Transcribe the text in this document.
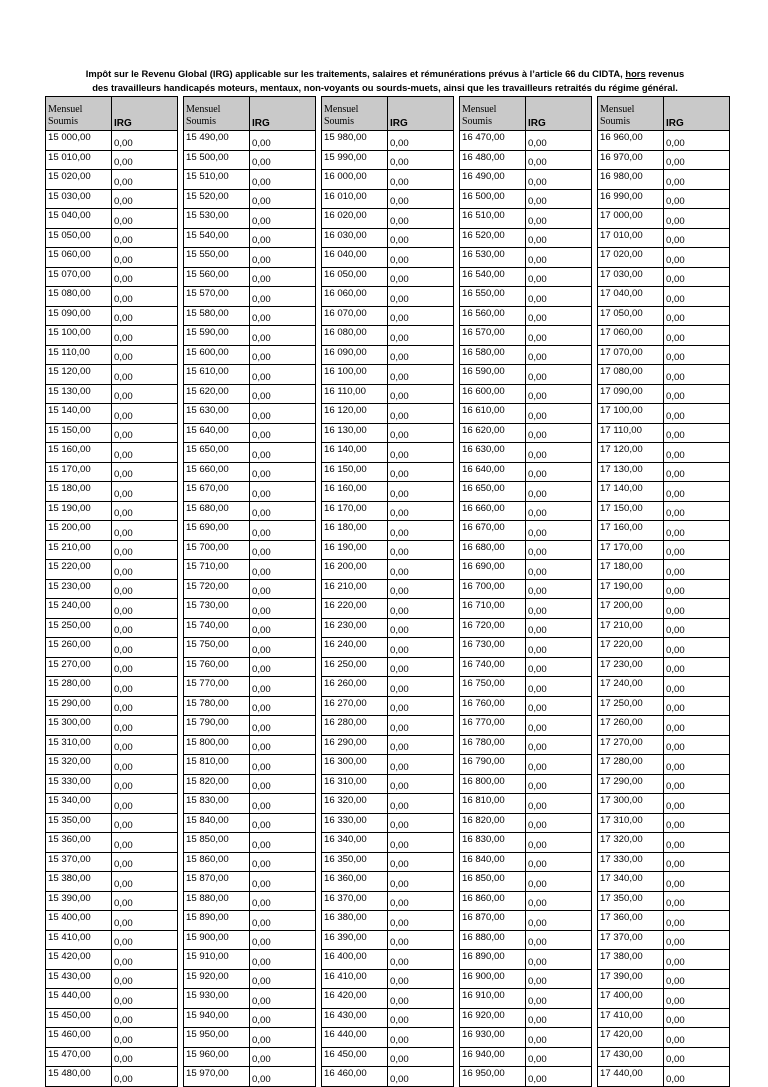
Impôt sur le Revenu Global (IRG) applicable sur les traitements, salaires et rémunérations prévus à l’article 66 du CIDTA, hors revenus
des travailleurs handicapés moteurs, mentaux, non-voyants ou sourds-muets, ainsi que les travailleurs retraités du régime général.
Mensuel
Soumis	IRG
15 000,00	0,00
15 010,00	0,00
15 020,00	0,00
15 030,00	0,00
15 040,00	0,00
15 050,00	0,00
15 060,00	0,00
15 070,00	0,00
15 080,00	0,00
15 090,00	0,00
15 100,00	0,00
15 110,00	0,00
15 120,00	0,00
15 130,00	0,00
15 140,00	0,00
15 150,00	0,00
15 160,00	0,00
15 170,00	0,00
15 180,00	0,00
15 190,00	0,00
15 200,00	0,00
15 210,00	0,00
15 220,00	0,00
15 230,00	0,00
15 240,00	0,00
15 250,00	0,00
15 260,00	0,00
15 270,00	0,00
15 280,00	0,00
15 290,00	0,00
15 300,00	0,00
15 310,00	0,00
15 320,00	0,00
15 330,00	0,00
15 340,00	0,00
15 350,00	0,00
15 360,00	0,00
15 370,00	0,00
15 380,00	0,00
15 390,00	0,00
15 400,00	0,00
15 410,00	0,00
15 420,00	0,00
15 430,00	0,00
15 440,00	0,00
15 450,00	0,00
15 460,00	0,00
15 470,00	0,00
15 480,00	0,00
Mensuel
Soumis	IRG
15 490,00	0,00
15 500,00	0,00
15 510,00	0,00
15 520,00	0,00
15 530,00	0,00
15 540,00	0,00
15 550,00	0,00
15 560,00	0,00
15 570,00	0,00
15 580,00	0,00
15 590,00	0,00
15 600,00	0,00
15 610,00	0,00
15 620,00	0,00
15 630,00	0,00
15 640,00	0,00
15 650,00	0,00
15 660,00	0,00
15 670,00	0,00
15 680,00	0,00
15 690,00	0,00
15 700,00	0,00
15 710,00	0,00
15 720,00	0,00
15 730,00	0,00
15 740,00	0,00
15 750,00	0,00
15 760,00	0,00
15 770,00	0,00
15 780,00	0,00
15 790,00	0,00
15 800,00	0,00
15 810,00	0,00
15 820,00	0,00
15 830,00	0,00
15 840,00	0,00
15 850,00	0,00
15 860,00	0,00
15 870,00	0,00
15 880,00	0,00
15 890,00	0,00
15 900,00	0,00
15 910,00	0,00
15 920,00	0,00
15 930,00	0,00
15 940,00	0,00
15 950,00	0,00
15 960,00	0,00
15 970,00	0,00
Mensuel
Soumis	IRG
15 980,00	0,00
15 990,00	0,00
16 000,00	0,00
16 010,00	0,00
16 020,00	0,00
16 030,00	0,00
16 040,00	0,00
16 050,00	0,00
16 060,00	0,00
16 070,00	0,00
16 080,00	0,00
16 090,00	0,00
16 100,00	0,00
16 110,00	0,00
16 120,00	0,00
16 130,00	0,00
16 140,00	0,00
16 150,00	0,00
16 160,00	0,00
16 170,00	0,00
16 180,00	0,00
16 190,00	0,00
16 200,00	0,00
16 210,00	0,00
16 220,00	0,00
16 230,00	0,00
16 240,00	0,00
16 250,00	0,00
16 260,00	0,00
16 270,00	0,00
16 280,00	0,00
16 290,00	0,00
16 300,00	0,00
16 310,00	0,00
16 320,00	0,00
16 330,00	0,00
16 340,00	0,00
16 350,00	0,00
16 360,00	0,00
16 370,00	0,00
16 380,00	0,00
16 390,00	0,00
16 400,00	0,00
16 410,00	0,00
16 420,00	0,00
16 430,00	0,00
16 440,00	0,00
16 450,00	0,00
16 460,00	0,00
Mensuel
Soumis	IRG
16 470,00	0,00
16 480,00	0,00
16 490,00	0,00
16 500,00	0,00
16 510,00	0,00
16 520,00	0,00
16 530,00	0,00
16 540,00	0,00
16 550,00	0,00
16 560,00	0,00
16 570,00	0,00
16 580,00	0,00
16 590,00	0,00
16 600,00	0,00
16 610,00	0,00
16 620,00	0,00
16 630,00	0,00
16 640,00	0,00
16 650,00	0,00
16 660,00	0,00
16 670,00	0,00
16 680,00	0,00
16 690,00	0,00
16 700,00	0,00
16 710,00	0,00
16 720,00	0,00
16 730,00	0,00
16 740,00	0,00
16 750,00	0,00
16 760,00	0,00
16 770,00	0,00
16 780,00	0,00
16 790,00	0,00
16 800,00	0,00
16 810,00	0,00
16 820,00	0,00
16 830,00	0,00
16 840,00	0,00
16 850,00	0,00
16 860,00	0,00
16 870,00	0,00
16 880,00	0,00
16 890,00	0,00
16 900,00	0,00
16 910,00	0,00
16 920,00	0,00
16 930,00	0,00
16 940,00	0,00
16 950,00	0,00
Mensuel
Soumis	IRG
16 960,00	0,00
16 970,00	0,00
16 980,00	0,00
16 990,00	0,00
17 000,00	0,00
17 010,00	0,00
17 020,00	0,00
17 030,00	0,00
17 040,00	0,00
17 050,00	0,00
17 060,00	0,00
17 070,00	0,00
17 080,00	0,00
17 090,00	0,00
17 100,00	0,00
17 110,00	0,00
17 120,00	0,00
17 130,00	0,00
17 140,00	0,00
17 150,00	0,00
17 160,00	0,00
17 170,00	0,00
17 180,00	0,00
17 190,00	0,00
17 200,00	0,00
17 210,00	0,00
17 220,00	0,00
17 230,00	0,00
17 240,00	0,00
17 250,00	0,00
17 260,00	0,00
17 270,00	0,00
17 280,00	0,00
17 290,00	0,00
17 300,00	0,00
17 310,00	0,00
17 320,00	0,00
17 330,00	0,00
17 340,00	0,00
17 350,00	0,00
17 360,00	0,00
17 370,00	0,00
17 380,00	0,00
17 390,00	0,00
17 400,00	0,00
17 410,00	0,00
17 420,00	0,00
17 430,00	0,00
17 440,00	0,00
